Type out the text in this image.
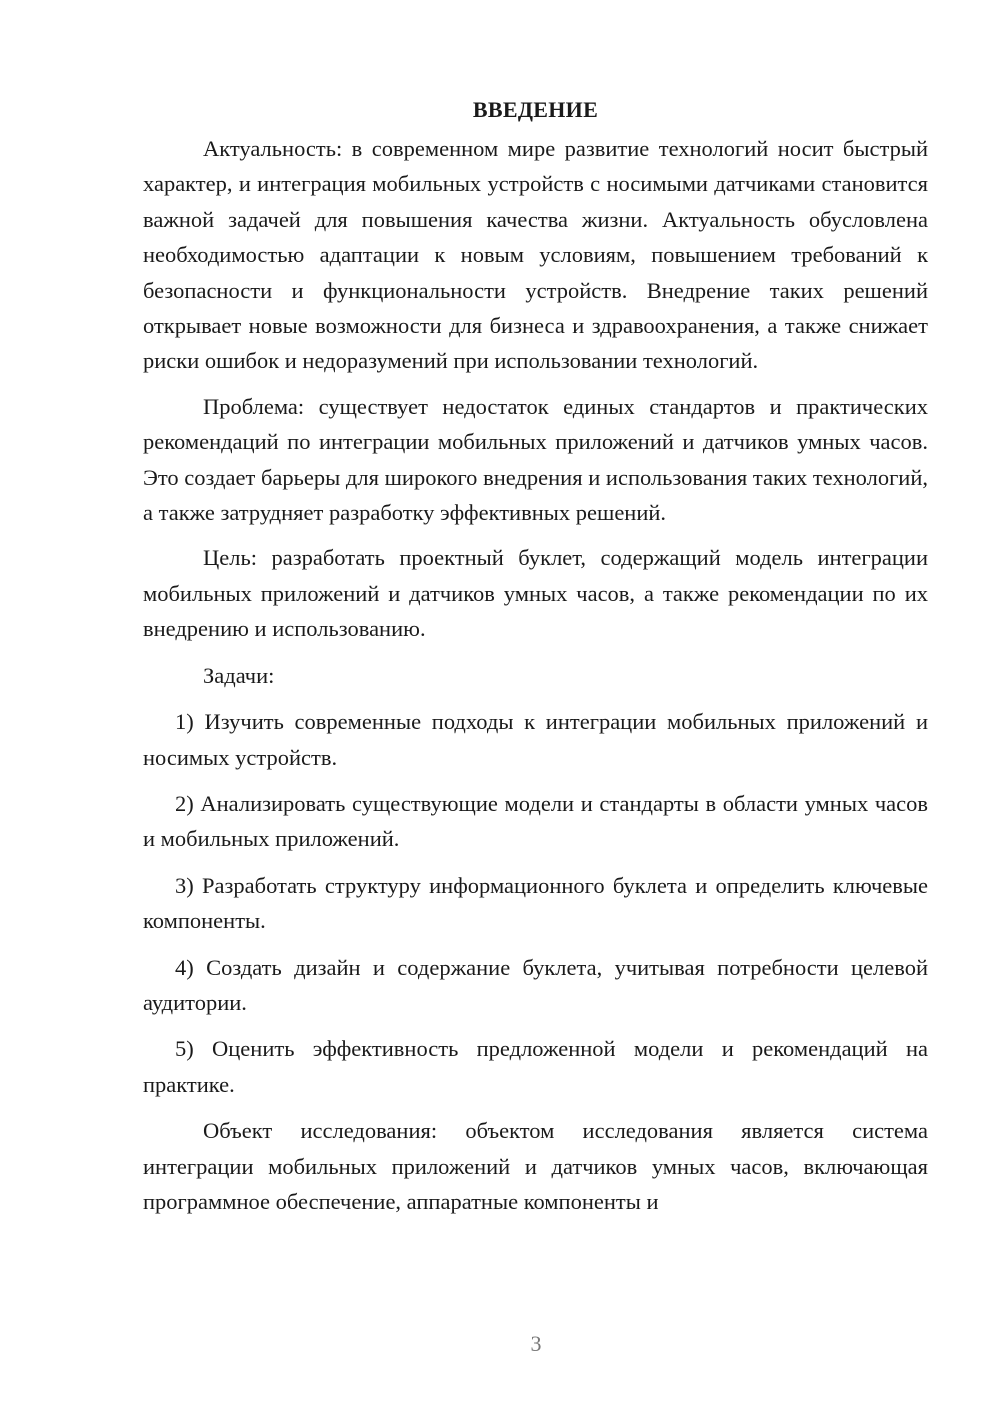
ВВЕДЕНИЕ

Актуальность: в современном мире развитие технологий носит быстрый характер, и интеграция мобильных устройств с носимыми датчиками становится важной задачей для повышения качества жизни. Актуальность обусловлена необходимостью адаптации к новым условиям, повышением требований к безопасности и функциональности устройств. Внедрение таких решений открывает новые возможности для бизнеса и здравоохранения, а также снижает риски ошибок и недоразумений при использовании технологий.

Проблема: существует недостаток единых стандартов и практических рекомендаций по интеграции мобильных приложений и датчиков умных часов. Это создает барьеры для широкого внедрения и использования таких технологий, а также затрудняет разработку эффективных решений.

Цель: разработать проектный буклет, содержащий модель интеграции мобильных приложений и датчиков умных часов, а также рекомендации по их внедрению и использованию.

Задачи:

1) Изучить современные подходы к интеграции мобильных приложений и носимых устройств.

2) Анализировать существующие модели и стандарты в области умных часов и мобильных приложений.

3) Разработать структуру информационного буклета и определить ключевые компоненты.

4) Создать дизайн и содержание буклета, учитывая потребности целевой аудитории.

5) Оценить эффективность предложенной модели и рекомендаций на практике.

Объект исследования: объектом исследования является система интеграции мобильных приложений и датчиков умных часов, включающая программное обеспечение, аппаратные компоненты и

3
